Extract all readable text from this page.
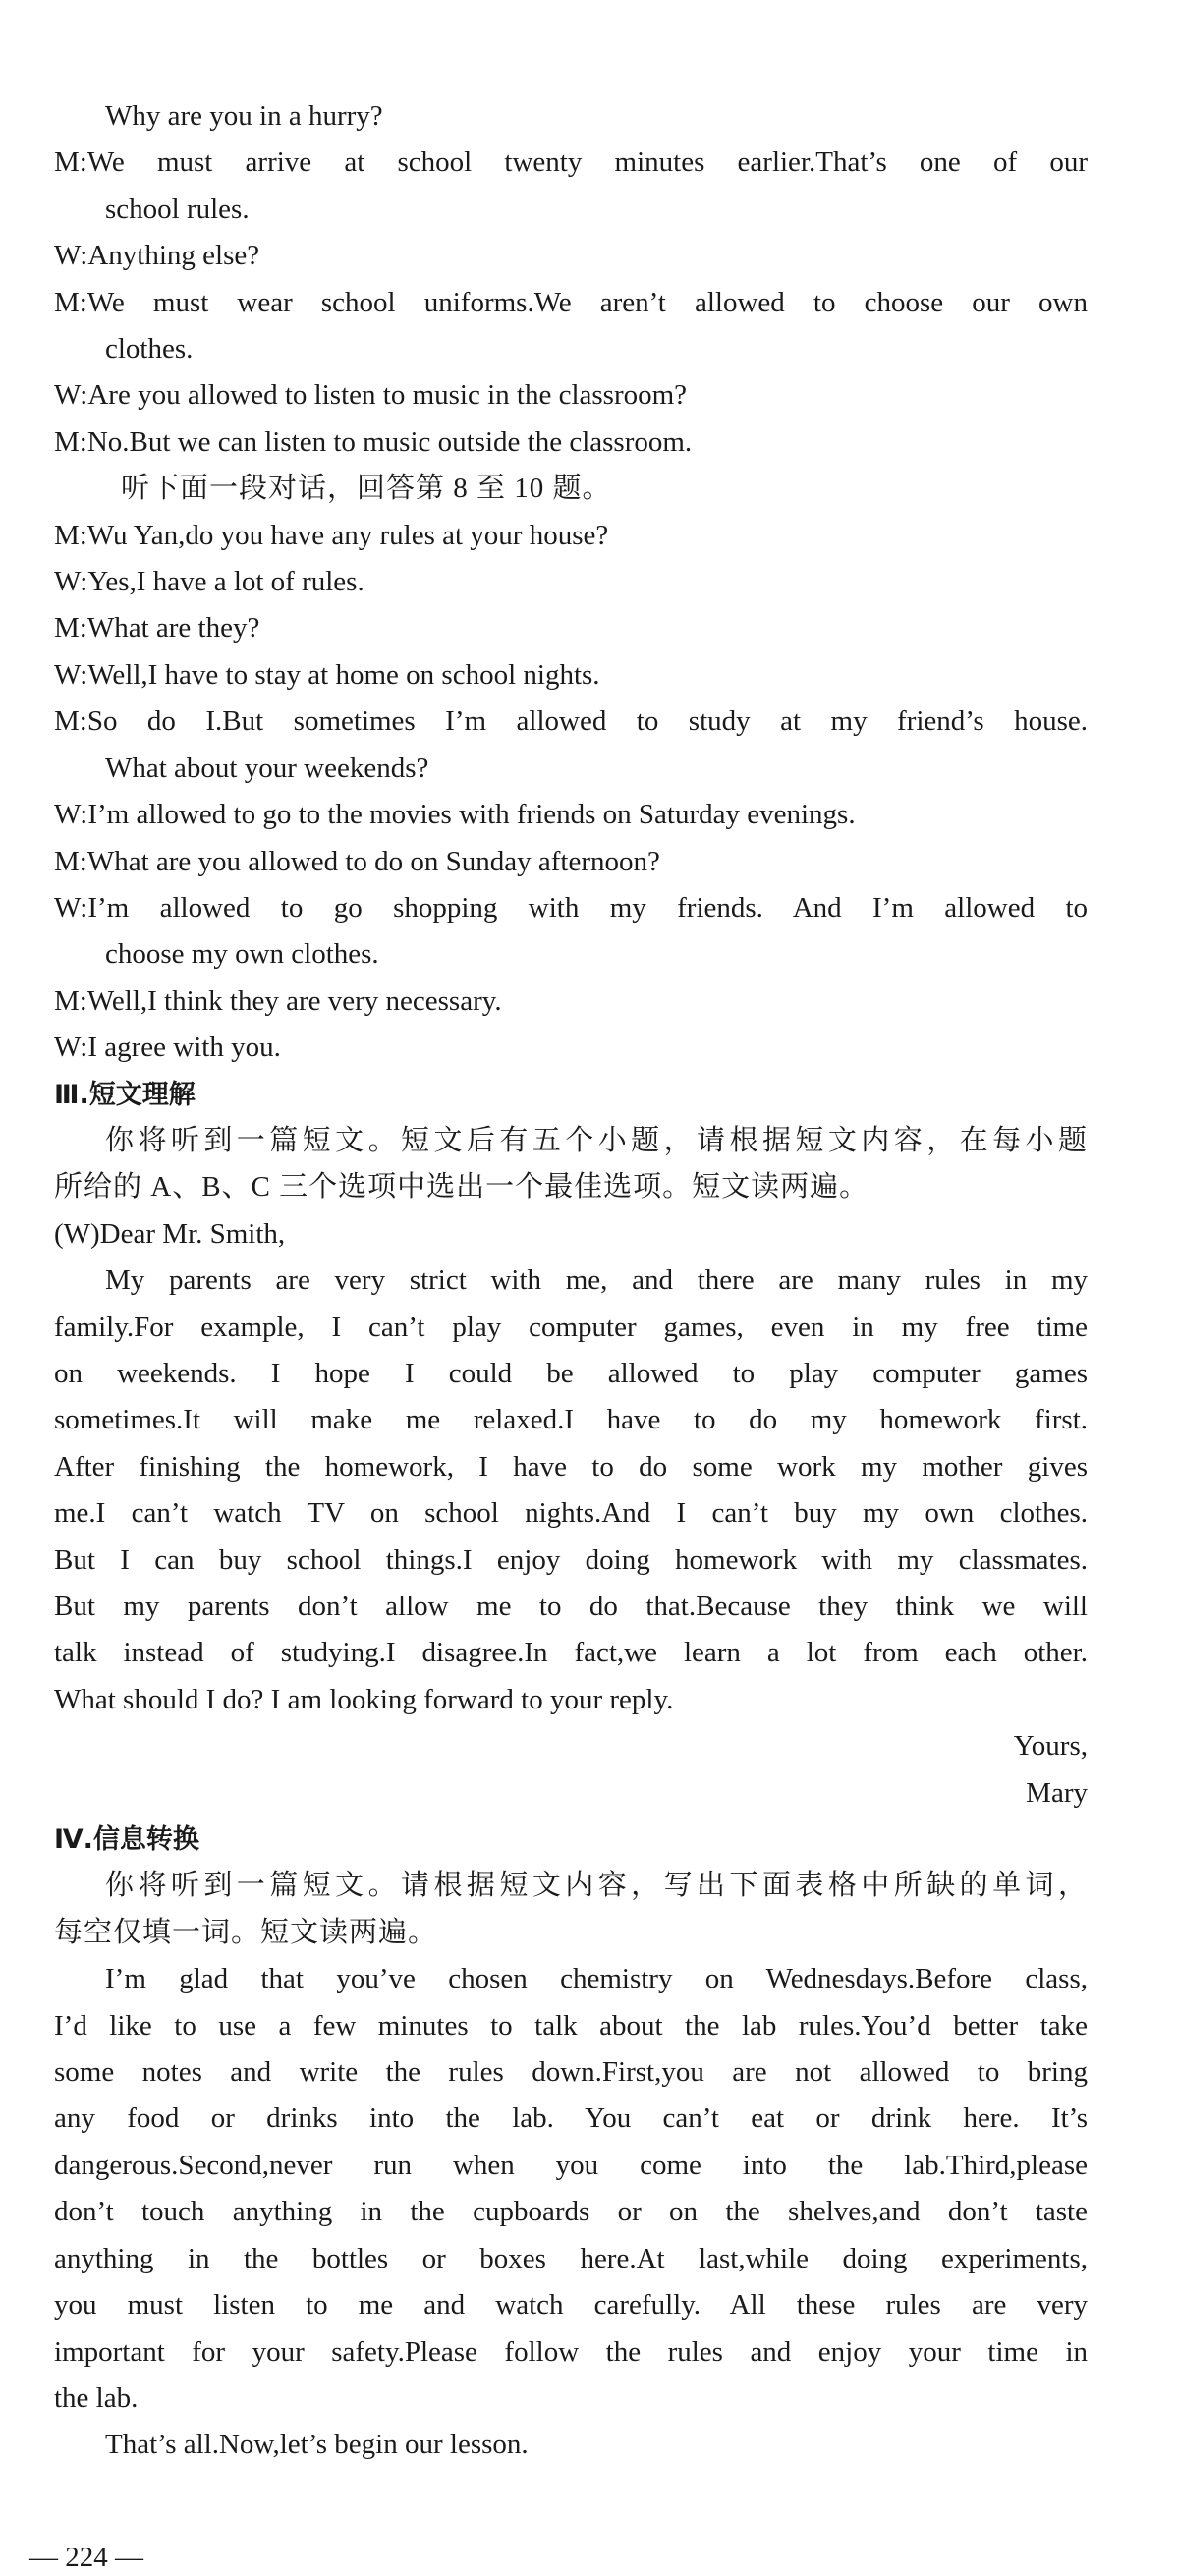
Why are you in a hurry?
M:We must arrive at school twenty minutes earlier.That’s one of our
school rules.
W:Anything else?
M:We must wear school uniforms.We aren’t allowed to choose our own
clothes.
W:Are you allowed to listen to music in the classroom?
M:No.But we can listen to music outside the classroom.
听下面一段对话，回答第 8 至 10 题。
M:Wu Yan,do you have any rules at your house?
W:Yes,I have a lot of rules.
M:What are they?
W:Well,I have to stay at home on school nights.
M:So do I.But sometimes I’m allowed to study at my friend’s house.
What about your weekends?
W:I’m allowed to go to the movies with friends on Saturday evenings.
M:What are you allowed to do on Sunday afternoon?
W:I’m allowed to go shopping with my friends. And I’m allowed to
choose my own clothes.
M:Well,I think they are very necessary.
W:I agree with you.
Ⅲ.短文理解
你将听到一篇短文。短文后有五个小题，请根据短文内容，在每小题
所给的 A、B、C 三个选项中选出一个最佳选项。短文读两遍。
(W)Dear Mr. Smith,
My parents are very strict with me, and there are many rules in my
family.For example, I can’t play computer games, even in my free time
on weekends. I hope I could be allowed to play computer games
sometimes.It will make me relaxed.I have to do my homework first.
After finishing the homework, I have to do some work my mother gives
me.I can’t watch TV on school nights.And I can’t buy my own clothes.
But I can buy school things.I enjoy doing homework with my classmates.
But my parents don’t allow me to do that.Because they think we will
talk instead of studying.I disagree.In fact,we learn a lot from each other.
What should I do? I am looking forward to your reply.
Yours,
Mary
Ⅳ.信息转换
你将听到一篇短文。请根据短文内容，写出下面表格中所缺的单词，
每空仅填一词。短文读两遍。
I’m glad that you’ve chosen chemistry on Wednesdays.Before class,
I’d like to use a few minutes to talk about the lab rules.You’d better take
some notes and write the rules down.First,you are not allowed to bring
any food or drinks into the lab. You can’t eat or drink here. It’s
dangerous.Second,never run when you come into the lab.Third,please
don’t touch anything in the cupboards or on the shelves,and don’t taste
anything in the bottles or boxes here.At last,while doing experiments,
you must listen to me and watch carefully. All these rules are very
important for your safety.Please follow the rules and enjoy your time in
the lab.
That’s all.Now,let’s begin our lesson.
— 224 —
